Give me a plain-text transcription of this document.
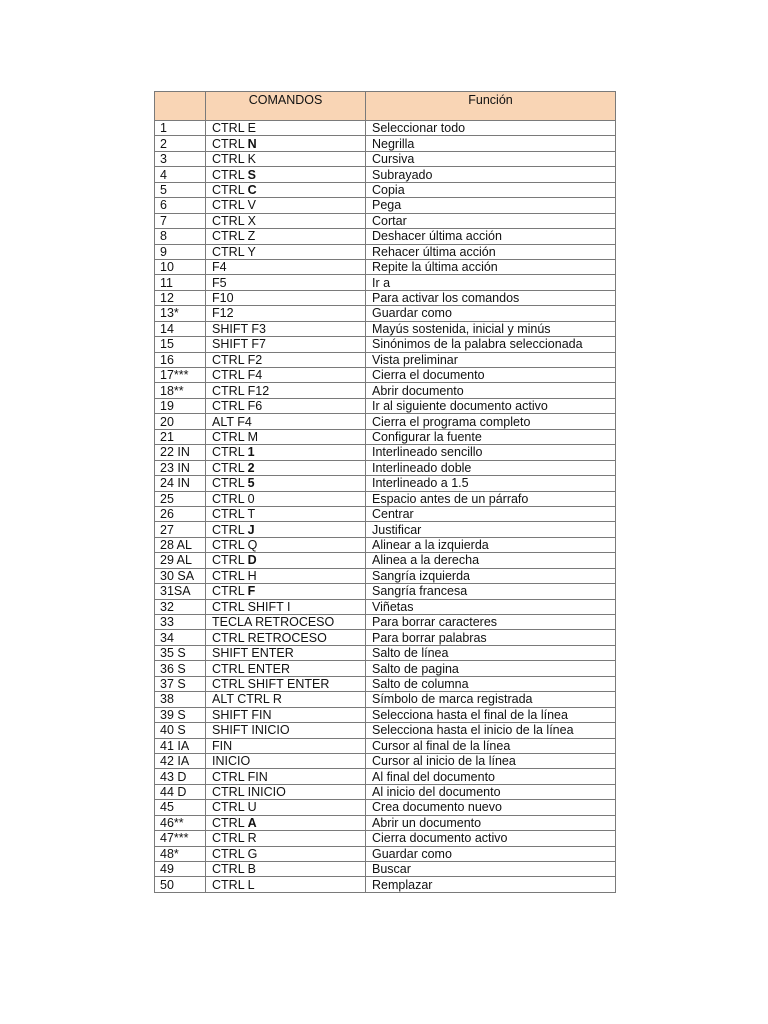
	COMANDOS	Función
1	CTRL E	Seleccionar todo
2	CTRL N	Negrilla
3	CTRL K	Cursiva
4	CTRL S	Subrayado
5	CTRL C	Copia
6	CTRL V	Pega
7	CTRL X	Cortar
8	CTRL Z	Deshacer última acción
9	CTRL Y	Rehacer última acción
10	F4	Repite la última acción
11	F5	Ir a
12	F10	Para activar los comandos
13*	F12	Guardar como
14	SHIFT F3	Mayús sostenida, inicial y minús
15	SHIFT F7	Sinónimos de la palabra seleccionada
16	CTRL F2	Vista preliminar
17***	CTRL F4	Cierra el documento
18**	CTRL F12	Abrir documento
19	CTRL F6	Ir al siguiente documento activo
20	ALT F4	Cierra el programa completo
21	CTRL M	Configurar la fuente
22 IN	CTRL 1	Interlineado sencillo
23 IN	CTRL 2	Interlineado doble
24 IN	CTRL 5	Interlineado a 1.5
25	CTRL 0	Espacio antes de un párrafo
26	CTRL T	Centrar
27	CTRL J	Justificar
28 AL	CTRL Q	Alinear a la izquierda
29 AL	CTRL D	Alinea a la derecha
30 SA	CTRL H	Sangría izquierda
31SA	CTRL F	Sangría francesa
32	CTRL SHIFT I	Viñetas
33	TECLA RETROCESO	Para borrar caracteres
34	CTRL RETROCESO	Para borrar palabras
35 S	SHIFT ENTER	Salto de línea
36 S	CTRL ENTER	Salto de pagina
37 S	CTRL SHIFT ENTER	Salto de columna
38	ALT CTRL R	Símbolo de marca registrada
39 S	SHIFT FIN	Selecciona hasta el final de la línea
40 S	SHIFT INICIO	Selecciona hasta el inicio de la línea
41 IA	FIN	Cursor al final de la línea
42 IA	INICIO	Cursor al inicio de la línea
43 D	CTRL FIN	Al final del documento
44 D	CTRL INICIO	Al inicio del documento
45	CTRL U	Crea documento nuevo
46**	CTRL A	Abrir un documento
47***	CTRL R	Cierra documento activo
48*	CTRL G	Guardar como
49	CTRL B	Buscar
50	CTRL L	Remplazar
